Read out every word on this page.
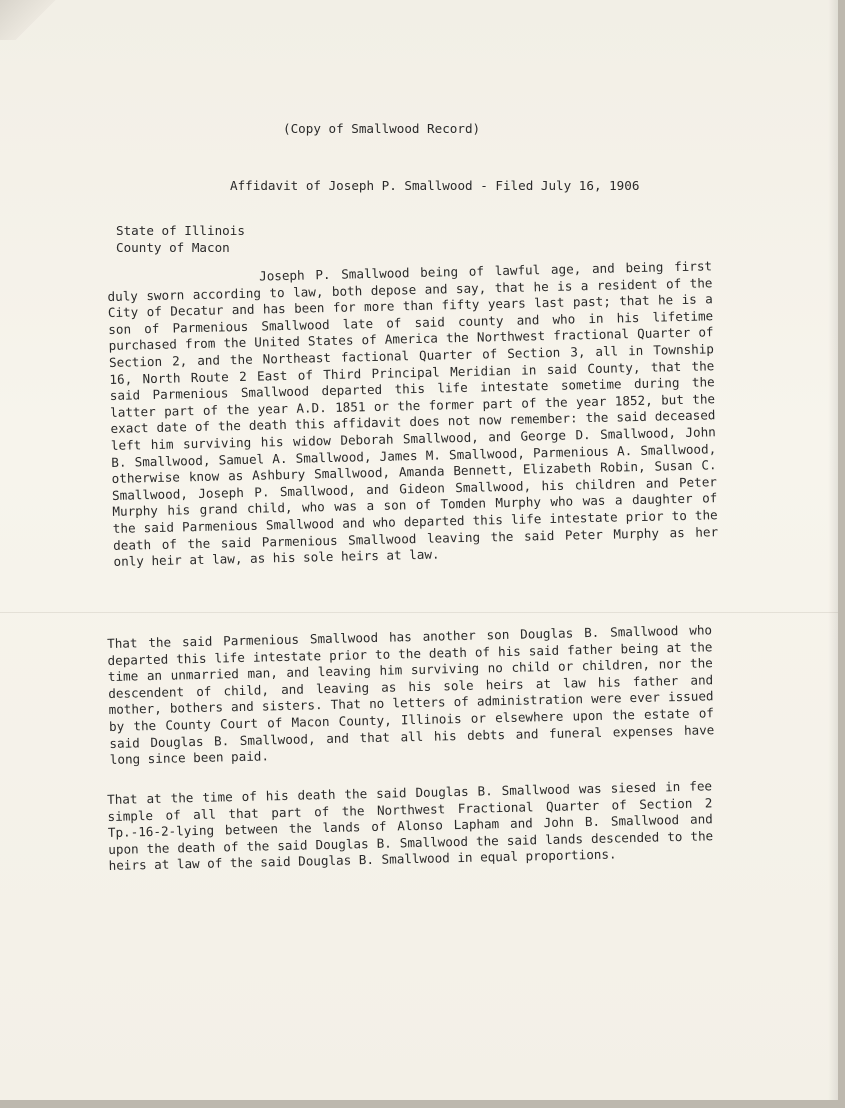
(Copy of Smallwood Record)
Affidavit of Joseph P. Smallwood - Filed July 16, 1906
State of Illinois
County of Macon
Joseph P. Smallwood being of lawful age, and being first duly sworn according to law, both depose and say, that he is a resident of the City of Decatur and has been for more than fifty years last past; that he is a son of Parmenious Smallwood late of said county and who in his lifetime purchased from the United States of America the Northwest fractional Quarter of Section 2, and the Northeast factional Quarter of Section 3, all in Township 16, North Route 2 East of Third Principal Meridian in said County, that the said Parmenious Smallwood departed this life intestate sometime during the latter part of the year A.D. 1851 or the former part of the year 1852, but the exact date of the death this affidavit does not now remember: the said deceased left him surviving his widow Deborah Smallwood, and George D. Smallwood, John B. Smallwood, Samuel A. Smallwood, James M. Smallwood, Parmenious A. Smallwood, otherwise know as Ashbury Smallwood, Amanda Bennett, Elizabeth Robin, Susan C. Smallwood, Joseph P. Smallwood, and Gideon Smallwood, his children and Peter Murphy his grand child, who was a son of Tomden Murphy who was a daughter of the said Parmenious Smallwood and who departed this life intestate prior to the death of the said Parmenious Smallwood leaving the said Peter Murphy as her only heir at law, as his sole heirs at law.
That the said Parmenious Smallwood has another son Douglas B. Smallwood who departed this life intestate prior to the death of his said father being at the time an unmarried man, and leaving him surviving no child or children, nor the descendent of child, and leaving as his sole heirs at law his father and mother, bothers and sisters. That no letters of administration were ever issued by the County Court of Macon County, Illinois or elsewhere upon the estate of said Douglas B. Smallwood, and that all his debts and funeral expenses have long since been paid.
That at the time of his death the said Douglas B. Smallwood was siesed in fee simple of all that part of the Northwest Fractional Quarter of Section 2 Tp.-16-2-lying between the lands of Alonso Lapham and John B. Smallwood and upon the death of the said Douglas B. Smallwood the said lands descended to the heirs at law of the said Douglas B. Smallwood in equal proportions.
